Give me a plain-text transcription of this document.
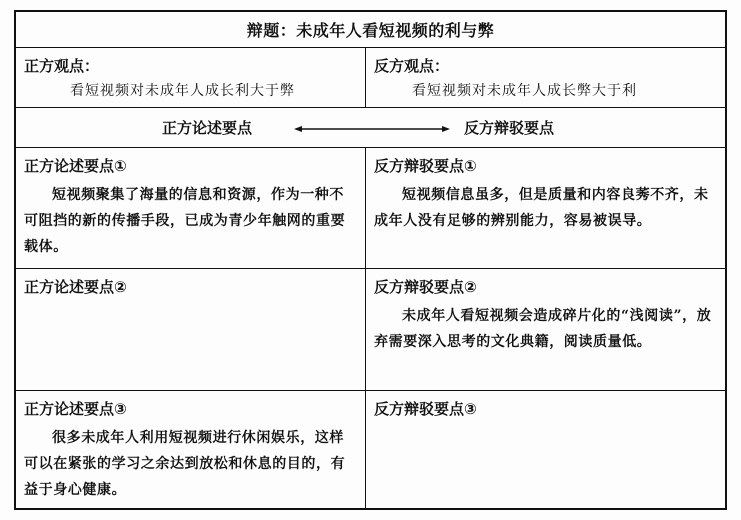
辩题：未成年人看短视频的利与弊
正方观点：
看短视频对未成年人成长利大于弊
反方观点：
看短视频对未成年人成长弊大于利
正方论述要点	反方辩驳要点
正方论述要点①
短视频聚集了海量的信息和资源，作为一种不可阻挡的新的传播手段，已成为青少年触网的重要载体。
反方辩驳要点①
短视频信息虽多，但是质量和内容良莠不齐，未成年人没有足够的辨别能力，容易被误导。
正方论述要点②	反方辩驳要点②
未成年人看短视频会造成碎片化的“浅阅读”，放弃需要深入思考的文化典籍，阅读质量低。
正方论述要点③
很多未成年人利用短视频进行休闲娱乐，这样可以在紧张的学习之余达到放松和休息的目的，有益于身心健康。
反方辩驳要点③
